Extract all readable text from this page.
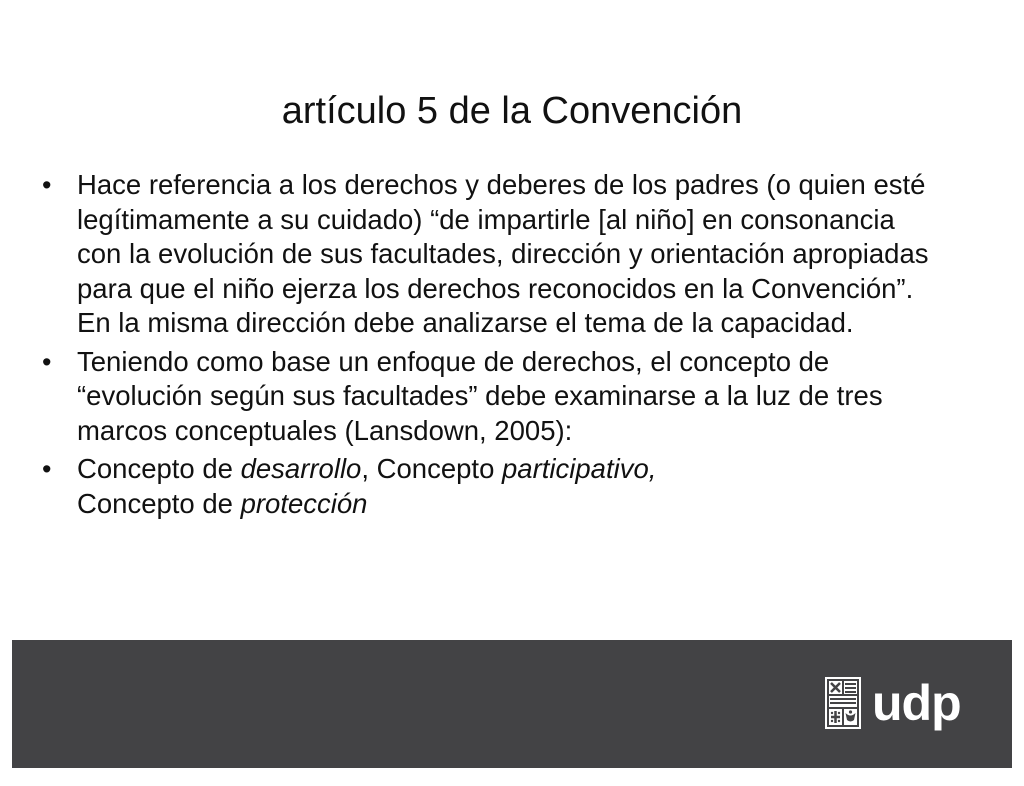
artículo 5 de la Convención
• Hace referencia a los derechos y deberes de los padres (o quien esté legítimamente a su cuidado) “de impartirle [al niño] en consonancia con la evolución de sus facultades, dirección y orientación apropiadas para que el niño ejerza los derechos reconocidos en la Convención”. En la misma dirección debe analizarse el tema de la capacidad.
• Teniendo como base un enfoque de derechos, el concepto de “evolución según sus facultades” debe examinarse a la luz de tres marcos conceptuales (Lansdown, 2005):
• Concepto de desarrollo, Concepto participativo,
Concepto de protección
udp
